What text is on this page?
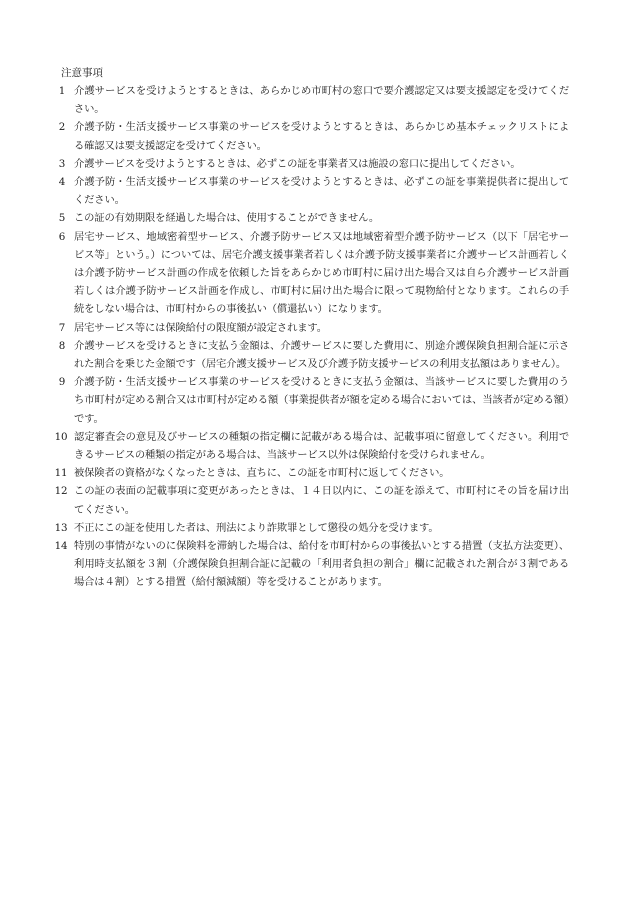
注意事項
1 介護サービスを受けようとするときは、あらかじめ市町村の窓口で要介護認定又は要支援認定を受けてください。
2 介護予防・生活支援サービス事業のサービスを受けようとするときは、あらかじめ基本チェックリストによる確認又は要支援認定を受けてください。
3 介護サービスを受けようとするときは、必ずこの証を事業者又は施設の窓口に提出してください。
4 介護予防・生活支援サービス事業のサービスを受けようとするときは、必ずこの証を事業提供者に提出してください。
5 この証の有効期限を経過した場合は、使用することができません。
6 居宅サービス、地域密着型サービス、介護予防サービス又は地域密着型介護予防サービス（以下「居宅サービス等」という。）については、居宅介護支援事業者若しくは介護予防支援事業者に介護サービス計画若しくは介護予防サービス計画の作成を依頼した旨をあらかじめ市町村に届け出た場合又は自ら介護サービス計画若しくは介護予防サービス計画を作成し、市町村に届け出た場合に限って現物給付となります。これらの手続をしない場合は、市町村からの事後払い（償還払い）になります。
7 居宅サービス等には保険給付の限度額が設定されます。
8 介護サービスを受けるときに支払う金額は、介護サービスに要した費用に、別途介護保険負担割合証に示された割合を乗じた金額です（居宅介護支援サービス及び介護予防支援サービスの利用支払額はありません）。
9 介護予防・生活支援サービス事業のサービスを受けるときに支払う金額は、当該サービスに要した費用のうち市町村が定める割合又は市町村が定める額（事業提供者が額を定める場合においては、当該者が定める額）です。
10 認定審査会の意見及びサービスの種類の指定欄に記載がある場合は、記載事項に留意してください。利用できるサービスの種類の指定がある場合は、当該サービス以外は保険給付を受けられません。
11 被保険者の資格がなくなったときは、直ちに、この証を市町村に返してください。
12 この証の表面の記載事項に変更があったときは、１４日以内に、この証を添えて、市町村にその旨を届け出てください。
13 不正にこの証を使用した者は、刑法により詐欺罪として懲役の処分を受けます。
14 特別の事情がないのに保険料を滞納した場合は、給付を市町村からの事後払いとする措置（支払方法変更）、利用時支払額を３割（介護保険負担割合証に記載の「利用者負担の割合」欄に記載された割合が３割である場合は４割）とする措置（給付額減額）等を受けることがあります。
